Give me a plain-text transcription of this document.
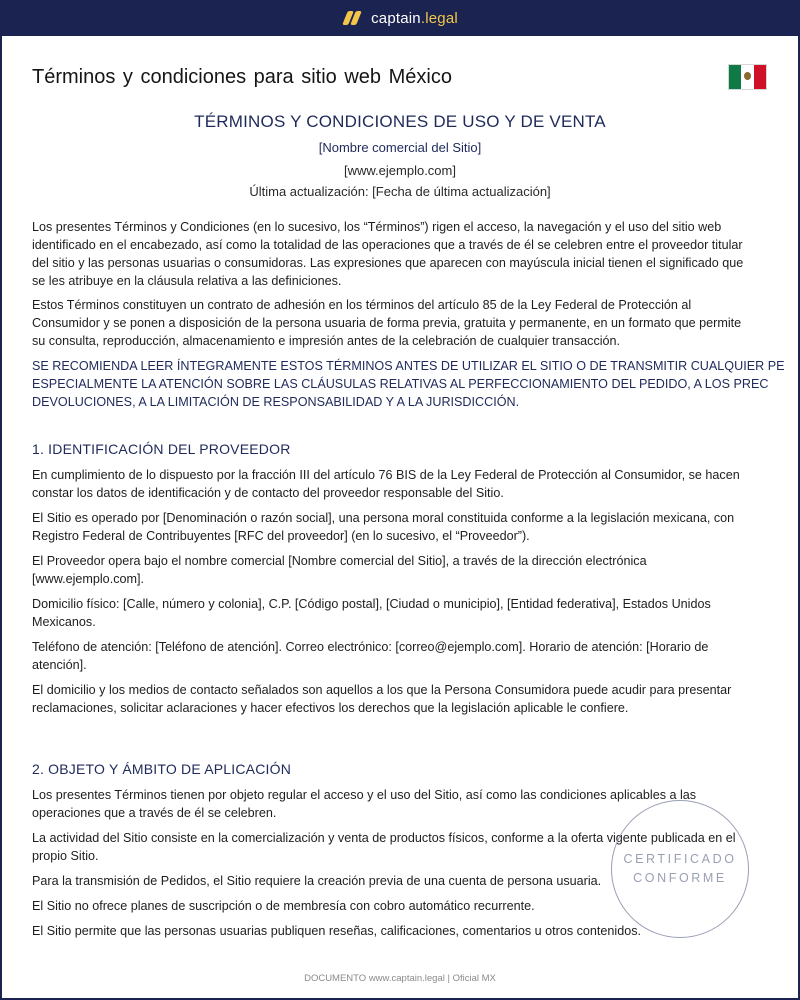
captain.legal
Términos y condiciones para sitio web México
TÉRMINOS Y CONDICIONES DE USO Y DE VENTA
[Nombre comercial del Sitio]
[www.ejemplo.com]
Última actualización: [Fecha de última actualización]
Los presentes Términos y Condiciones (en lo sucesivo, los “Términos”) rigen el acceso, la navegación y el uso del sitio web identificado en el encabezado, así como la totalidad de las operaciones que a través de él se celebren entre el proveedor titular del sitio y las personas usuarias o consumidoras. Las expresiones que aparecen con mayúscula inicial tienen el significado que se les atribuye en la cláusula relativa a las definiciones.
Estos Términos constituyen un contrato de adhesión en los términos del artículo 85 de la Ley Federal de Protección al Consumidor y se ponen a disposición de la persona usuaria de forma previa, gratuita y permanente, en un formato que permite su consulta, reproducción, almacenamiento e impresión antes de la celebración de cualquier transacción.
SE RECOMIENDA LEER ÍNTEGRAMENTE ESTOS TÉRMINOS ANTES DE UTILIZAR EL SITIO O DE TRANSMITIR CUALQUIER PE
ESPECIALMENTE LA ATENCIÓN SOBRE LAS CLÁUSULAS RELATIVAS AL PERFECCIONAMIENTO DEL PEDIDO, A LOS PREC
DEVOLUCIONES, A LA LIMITACIÓN DE RESPONSABILIDAD Y A LA JURISDICCIÓN.
1. IDENTIFICACIÓN DEL PROVEEDOR
En cumplimiento de lo dispuesto por la fracción III del artículo 76 BIS de la Ley Federal de Protección al Consumidor, se hacen constar los datos de identificación y de contacto del proveedor responsable del Sitio.
El Sitio es operado por [Denominación o razón social], una persona moral constituida conforme a la legislación mexicana, con Registro Federal de Contribuyentes [RFC del proveedor] (en lo sucesivo, el “Proveedor”).
El Proveedor opera bajo el nombre comercial [Nombre comercial del Sitio], a través de la dirección electrónica [www.ejemplo.com].
Domicilio físico: [Calle, número y colonia], C.P. [Código postal], [Ciudad o municipio], [Entidad federativa], Estados Unidos Mexicanos.
Teléfono de atención: [Teléfono de atención]. Correo electrónico: [correo@ejemplo.com]. Horario de atención: [Horario de atención].
El domicilio y los medios de contacto señalados son aquellos a los que la Persona Consumidora puede acudir para presentar reclamaciones, solicitar aclaraciones y hacer efectivos los derechos que la legislación aplicable le confiere.
2. OBJETO Y ÁMBITO DE APLICACIÓN
Los presentes Términos tienen por objeto regular el acceso y el uso del Sitio, así como las condiciones aplicables a las operaciones que a través de él se celebren.
La actividad del Sitio consiste en la comercialización y venta de productos físicos, conforme a la oferta vigente publicada en el propio Sitio.
Para la transmisión de Pedidos, el Sitio requiere la creación previa de una cuenta de persona usuaria.
El Sitio no ofrece planes de suscripción o de membresía con cobro automático recurrente.
El Sitio permite que las personas usuarias publiquen reseñas, calificaciones, comentarios u otros contenidos.
CERTIFICADO
CONFORME
DOCUMENTO www.captain.legal | Oficial MX
